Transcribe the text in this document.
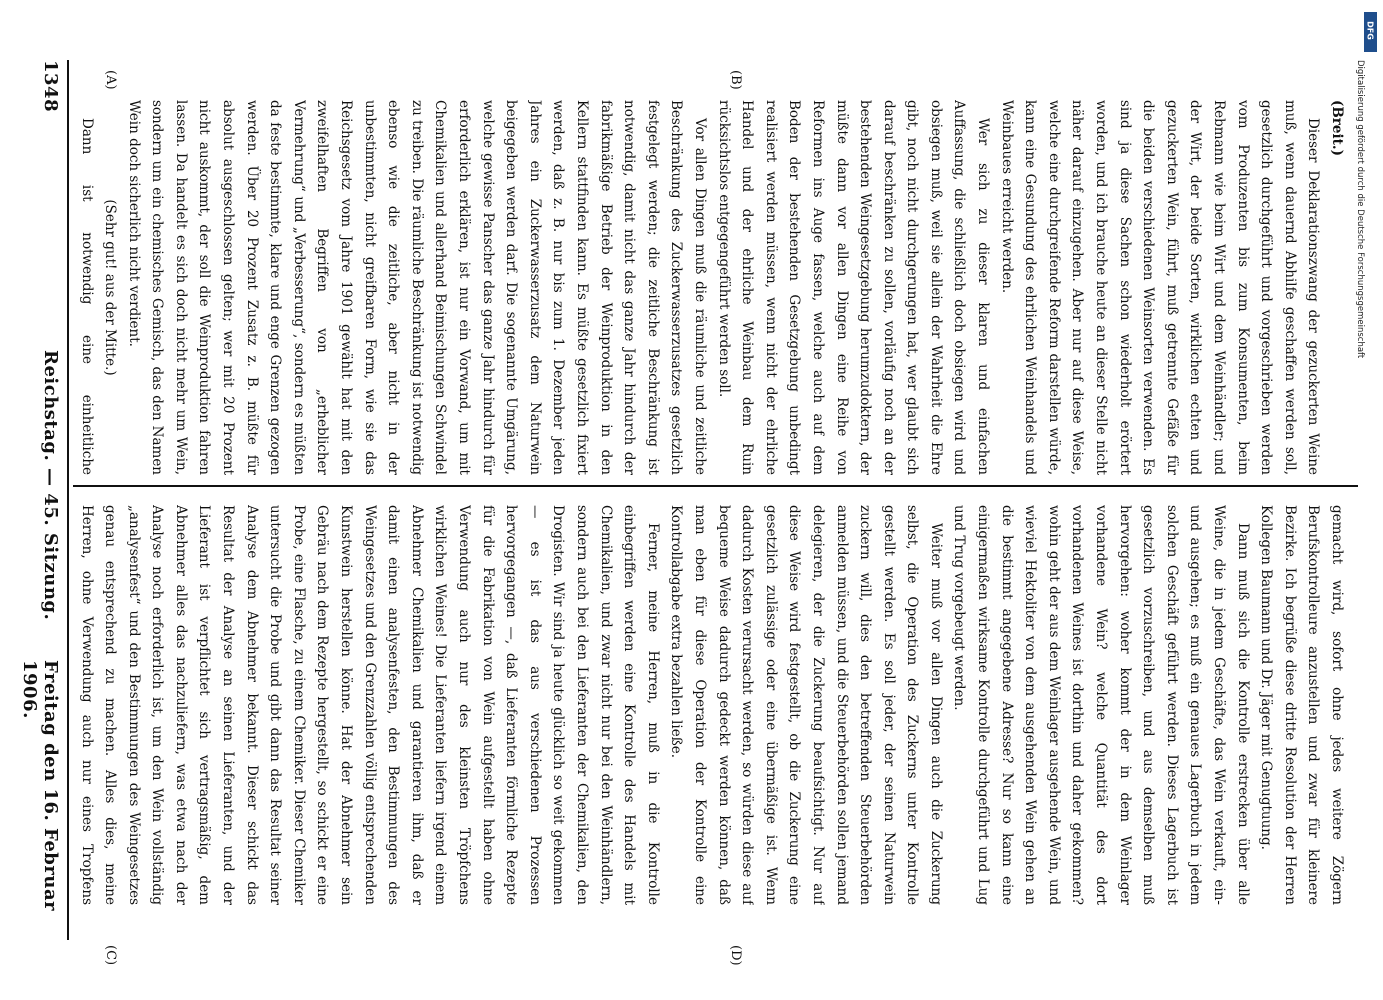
1348
Reichstag. — 45. Sitzung.
Freitag den 16. Februar 1906.
(A)	(B)
(C)	(D)

(Breit.)

Dieser Deklarationszwang der gezuckerten Weine muß, wenn dauernd Abhilfe geschaffen werden soll, gesetzlich durchgeführt und vorgeschrieben werden vom Produzenten bis zum Konsumenten, beim Rebmann wie beim Wirt und dem Weinhändler; und der Wirt, der beide Sorten, wirklichen echten und gezuckerten Wein, führt, muß getrennte Gefäße für die beiden verschiedenen Weinsorten verwenden. Es sind ja diese Sachen schon wiederholt erörtert worden, und ich brauche heute an dieser Stelle nicht näher darauf einzugehen. Aber nur auf diese Weise, welche eine durchgreifende Reform darstellen würde, kann eine Gesundung des ehrlichen Weinhandels und Weinbaues erreicht werden.

Wer sich zu dieser klaren und einfachen Auffassung, die schließlich doch obsiegen wird und obsiegen muß, weil sie allein der Wahrheit die Ehre gibt, noch nicht durchgerungen hat, wer glaubt sich darauf beschränken zu sollen, vorläufig noch an der bestehenden Weingesetzgebung herumzudoktern, der müßte dann vor allen Dingen eine Reihe von Reformen ins Auge fassen, welche auch auf dem Boden der bestehenden Gesetzgebung unbedingt realisiert werden müssen, wenn nicht der ehrliche Handel und der ehrliche Weinbau dem Ruin rücksichtslos entgegengeführt werden soll.

Vor allen Dingen muß die räumliche und zeitliche Beschränkung des Zuckerwasserzusatzes gesetzlich festgelegt werden; die zeitliche Beschränkung ist notwendig, damit nicht das ganze Jahr hindurch der fabrikmäßige Betrieb der Weinproduktion in den Kellern stattfinden kann. Es müßte gesetzlich fixiert werden, daß z. B. nur bis zum 1. Dezember jeden Jahres ein Zuckerwasserzusatz dem Naturwein beigegeben werden darf. Die sogenannte Umgärung, welche gewisse Panscher das ganze Jahr hindurch für erforderlich erklären, ist nur ein Vorwand, um mit Chemikalien und allerhand Beimischungen Schwindel zu treiben. Die räumliche Beschränkung ist notwendig ebenso wie die zeitliche, aber nicht in der unbestimmten, nicht greifbaren Form, wie sie das Reichsgesetz vom Jahre 1901 gewählt hat mit den zweifelhaften Begriffen von „erheblicher Vermehrung“ und „Verbesserung“, sondern es müßten da feste bestimmte, klare und enge Grenzen gezogen werden. Über 20 Prozent Zusatz z. B. müßte für absolut ausgeschlossen gelten; wer mit 20 Prozent nicht auskommt, der soll die Weinproduktion fahren lassen. Da handelt es sich doch nicht mehr um Wein, sondern um ein chemisches Gemisch, das den Namen Wein doch sicherlich nicht verdient.

(Sehr gut! aus der Mitte.)

Dann ist notwendig eine einheitliche

gemacht wird, sofort ohne jedes weitere Zögern Berufskontrolleure anzustellen und zwar für kleinere Bezirke. Ich begrüße diese dritte Resolution der Herren Kollegen Baumann und Dr. Jäger mit Genugtuung.

Dann muß sich die Kontrolle erstrecken über alle Weine, die in jedem Geschäfte, das Wein verkauft, ein- und ausgehen; es muß ein genaues Lagerbuch in jedem solchen Geschäft geführt werden. Dieses Lagerbuch ist gesetzlich vorzuschreiben, und aus demselben muß hervorgehen: woher kommt der in dem Weinlager vorhandene Wein? welche Quantität des dort vorhandenen Weines ist dorthin und daher gekommen? wohin geht der aus dem Weinlager ausgehende Wein, und wieviel Hektoliter von dem ausgehenden Wein gehen an die bestimmt angegebene Adresse? Nur so kann eine einigermaßen wirksame Kontrolle durchgeführt und Lug und Trug vorgebeugt werden.

Weiter muß vor allen Dingen auch die Zuckerung selbst, die Operation des Zuckerns unter Kontrolle gestellt werden. Es soll jeder, der seinen Naturwein zuckern will, dies den betreffenden Steuerbehörden anmelden müssen, und die Steuerbehörden sollen jemand delegieren, der die Zuckerung beaufsichtigt. Nur auf diese Weise wird festgestellt, ob die Zuckerung eine gesetzlich zulässige oder eine übermäßige ist. Wenn dadurch Kosten verursacht werden, so würden diese auf bequeme Weise dadurch gedeckt werden können, daß man eben für diese Operation der Kontrolle eine Kontrollabgabe extra bezahlen ließe.

Ferner, meine Herren, muß in die Kontrolle einbegriffen werden eine Kontrolle des Handels mit Chemikalien, und zwar nicht nur bei den Weinhändlern, sondern auch bei den Lieferanten der Chemikalien, den Drogisten. Wir sind ja heute glücklich so weit gekommen — es ist das aus verschiedenen Prozessen hervorgegangen —, daß Lieferanten förmliche Rezepte für die Fabrikation von Wein aufgestellt haben ohne Verwendung auch nur des kleinsten Tröpfchens wirklichen Weines! Die Lieferanten liefern irgend einem Abnehmer Chemikalien und garantieren ihm, daß er damit einen analysenfesten, den Bestimmungen des Weingesetzes und den Grenzzahlen völlig entsprechenden Kunstwein herstellen könne. Hat der Abnehmer sein Gebräu nach dem Rezepte hergestellt, so schickt er eine Probe, eine Flasche, zu einem Chemiker. Dieser Chemiker untersucht die Probe und gibt dann das Resultat seiner Analyse dem Abnehmer bekannt. Dieser schickt das Resultat der Analyse an seinen Lieferanten, und der Lieferant ist verpflichtet sich vertragsmäßig, dem Abnehmer alles das nachzuliefern, was etwa nach der Analyse noch erforderlich ist, um den Wein vollständig „analysenfest“ und den Bestimmungen des Weingesetzes genau entsprechend zu machen. Alles dies, meine Herren, ohne Verwendung auch nur eines Tropfens

DFG
Digitalisierung gefördert durch die Deutsche Forschungsgemeinschaft
